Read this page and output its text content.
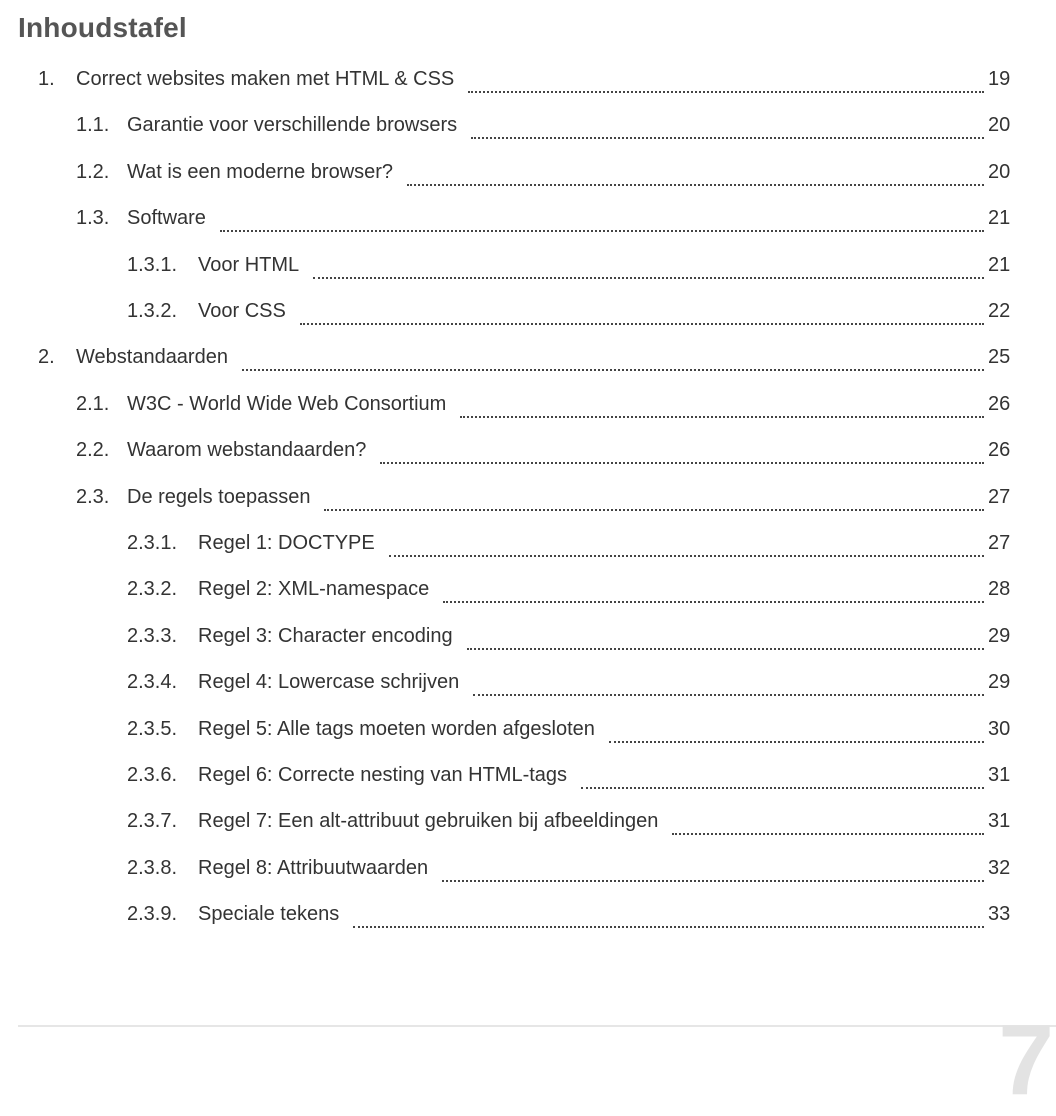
Inhoudstafel
1. Correct websites maken met HTML & CSS	19
1.1. Garantie voor verschillende browsers	20
1.2. Wat is een moderne browser?	20
1.3. Software	21
1.3.1. Voor HTML	21
1.3.2. Voor CSS	22
2. Webstandaarden	25
2.1. W3C - World Wide Web Consortium	26
2.2. Waarom webstandaarden?	26
2.3. De regels toepassen	27
2.3.1. Regel 1: DOCTYPE	27
2.3.2. Regel 2: XML-namespace	28
2.3.3. Regel 3: Character encoding	29
2.3.4. Regel 4: Lowercase schrijven	29
2.3.5. Regel 5: Alle tags moeten worden afgesloten	30
2.3.6. Regel 6: Correcte nesting van HTML-tags	31
2.3.7. Regel 7: Een alt-attribuut gebruiken bij afbeeldingen	31
2.3.8. Regel 8: Attribuutwaarden	32
2.3.9. Speciale tekens	33
7
